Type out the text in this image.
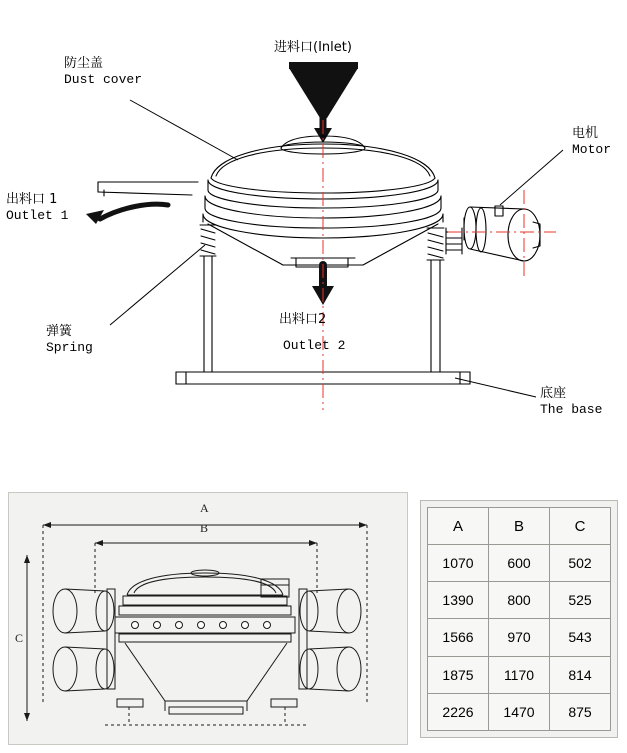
防尘盖
Dust cover
进料口(Inlet)
电机
Motor
出料口 1
Outlet 1
弹簧
Spring
出料口2
Outlet 2
底座
The base
A
B
C
A	B	C
1070	600	502
1390	800	525
1566	970	543
1875	1170	814
2226	1470	875
